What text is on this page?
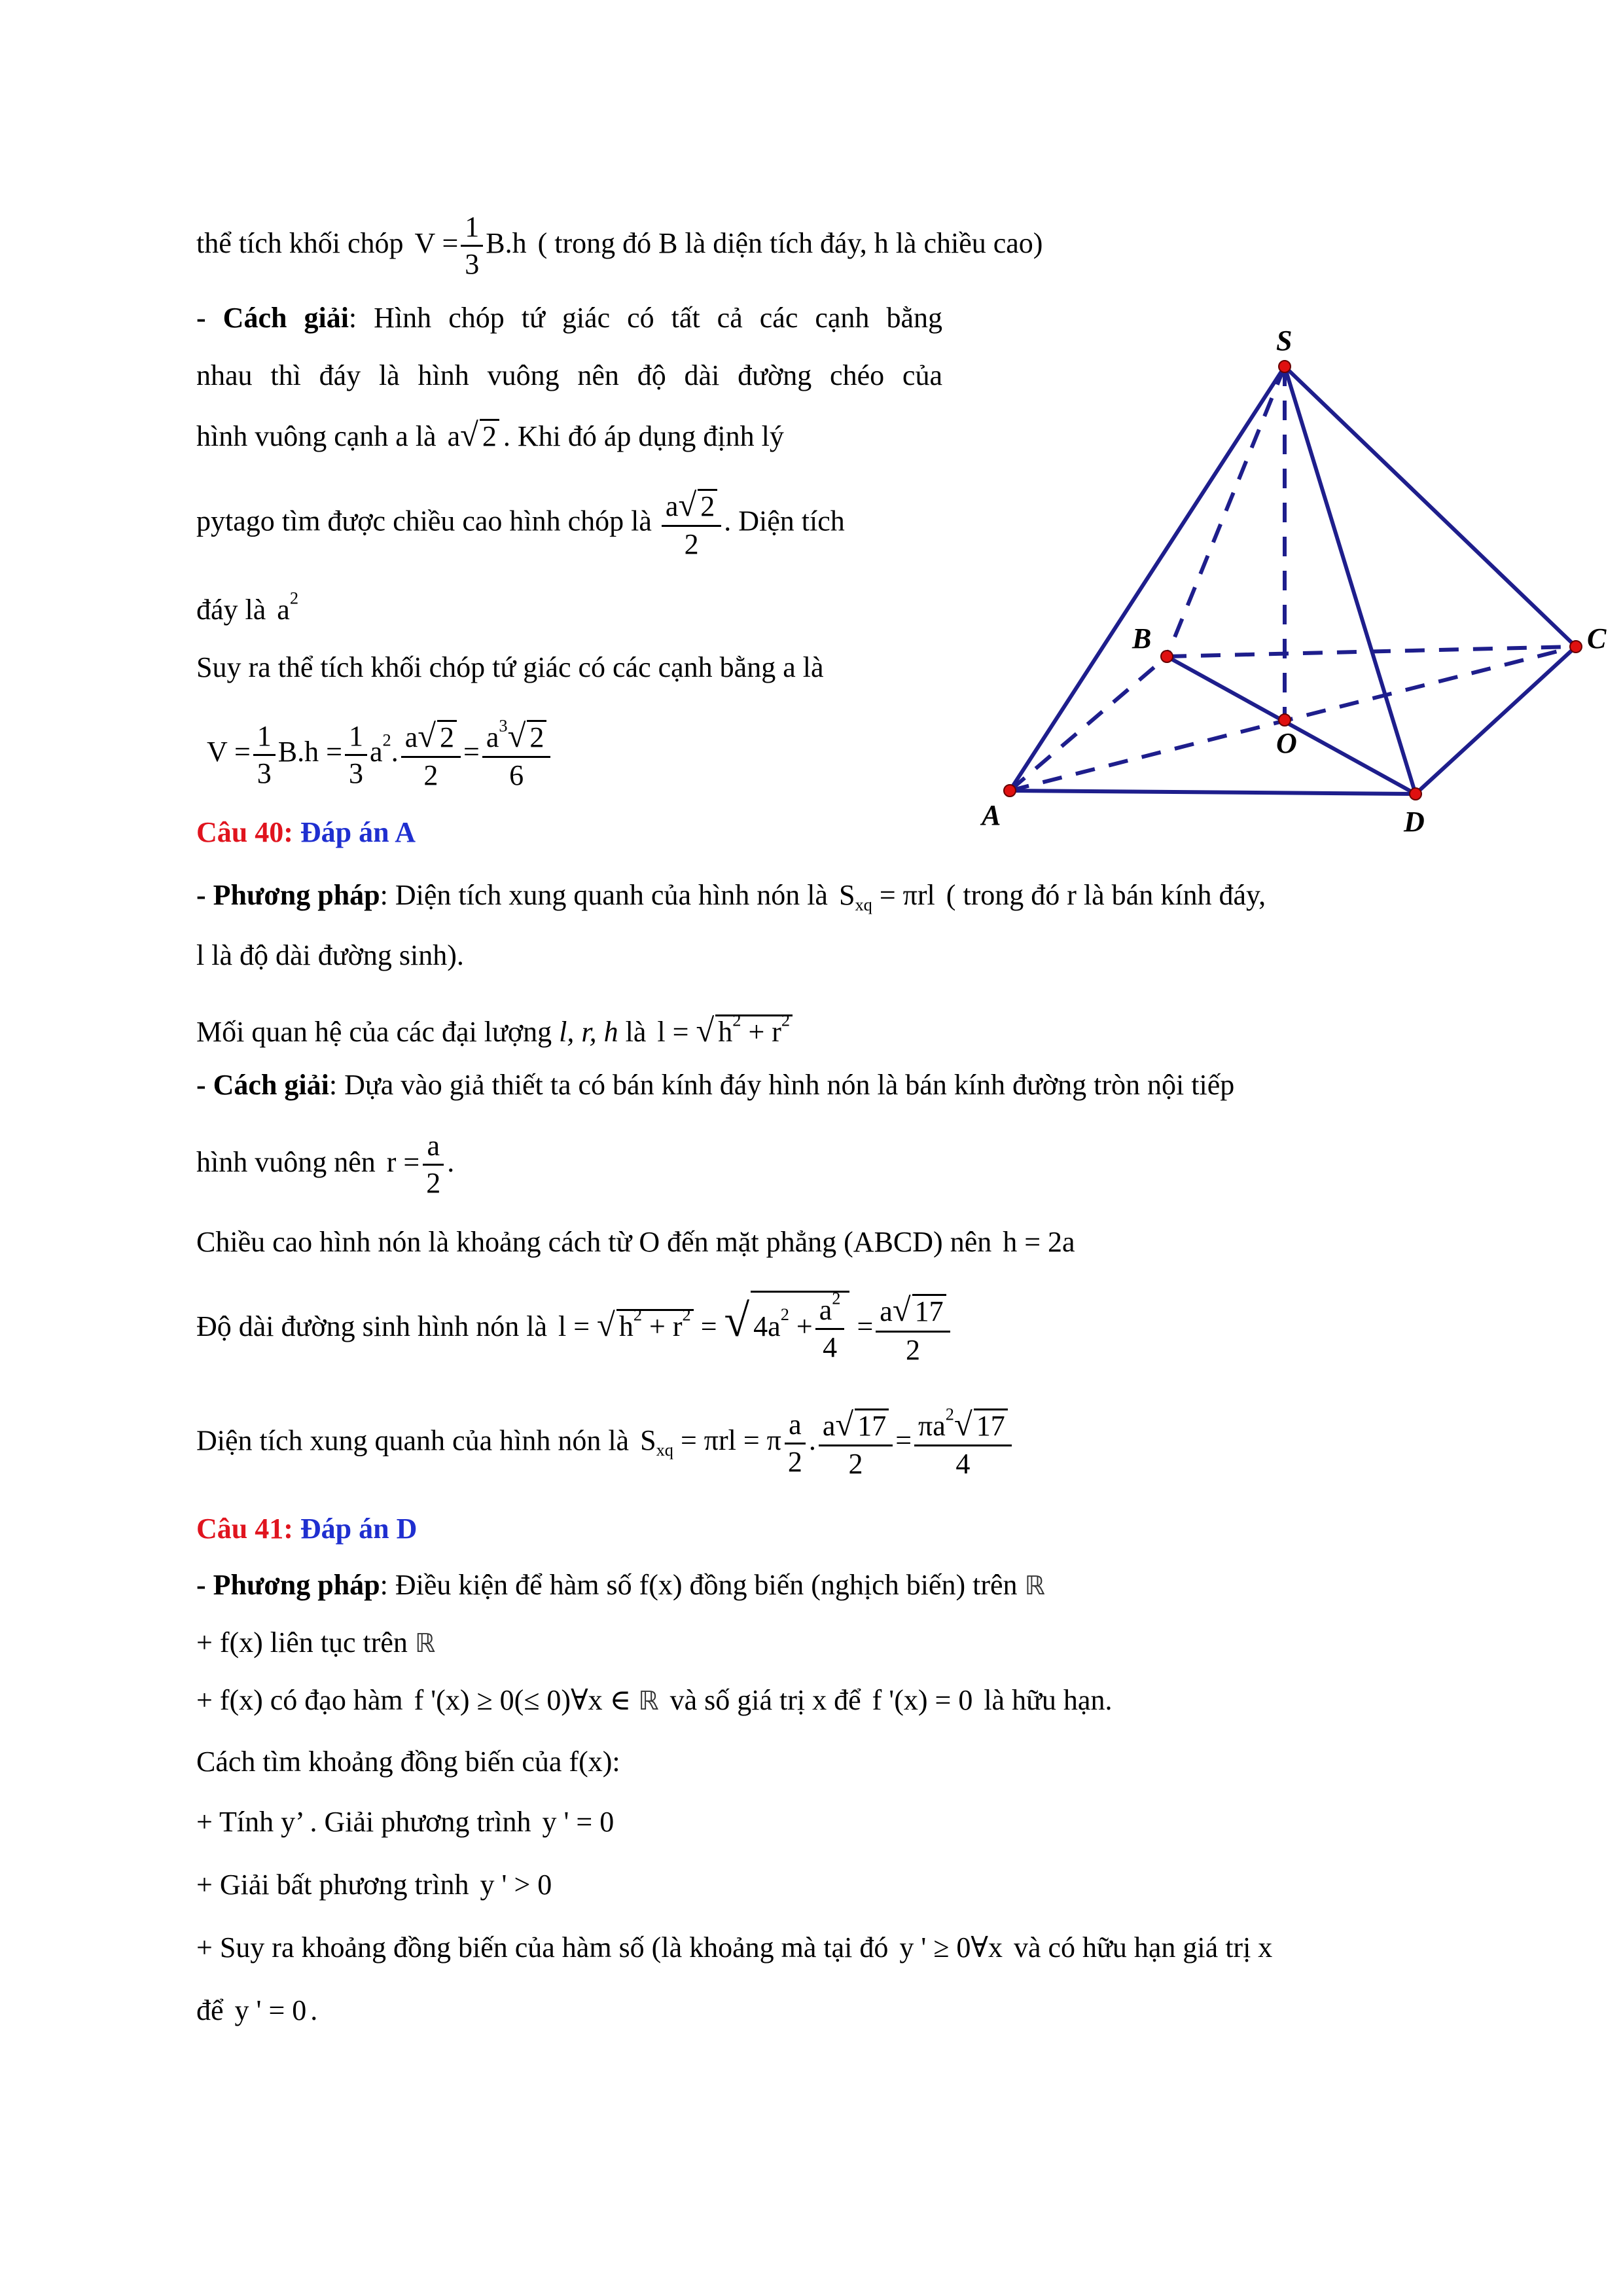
thể tích khối chóp $V = \frac{1}{3} B.h$ ( trong đó B là diện tích đáy, h là chiều cao)
- Cách giải: Hình chóp tứ giác có tất cả các cạnh bằng
nhau thì đáy là hình vuông nên độ dài đường chéo của
hình vuông cạnh a là a√ 2 . Khi đó áp dụng định lý
pytago tìm được chiều cao hình chóp là $\frac{a√ 2}{2}$ . Diện tích
đáy là $a^2$
Suy ra thể tích khối chóp tứ giác có các cạnh bằng a là
$V = \frac{1}{3} B.h = \frac{1}{3} a^2$. $\frac{a√ 2}{2} = \frac{a^3√ 2}{6}$
S
A
B	C
D
O
Câu 40: Đáp án A
- Phương pháp: Diện tích xung quanh của hình nón là $S_{xq} = \pi rl$ ( trong đó r là bán kính đáy,
l là độ dài đường sinh).
Mối quan hệ của các đại lượng l, r, h là l = √ $h^2 + r^2$
- Cách giải: Dựa vào giả thiết ta có bán kính đáy hình nón là bán kính đường tròn nội tiếp
hình vuông nên $r = \frac{a}{2}$ .
Chiều cao hình nón là khoảng cách từ O đến mặt phẳng (ABCD) nên h = 2a
Độ dài đường sinh hình nón là l = √ $h^2 + r^2$ = √ $4a^2 + \frac{a^2}{4} = \frac{a√ 17}{2}$
Diện tích xung quanh của hình nón là $S_{xq} = \pi rl = \pi \frac{a}{2}$ . $\frac{a√ 17}{2} = \frac{\pi a^2√ 17}{4}$
Câu 41: Đáp án D
- Phương pháp: Điều kiện để hàm số f(x) đồng biến (nghịch biến) trên ℝ
+ f(x) liên tục trên ℝ
+ f(x) có đạo hàm f '(x) ≥ 0(≤ 0)∀x ∈ ℝ và số giá trị x để f '(x) = 0 là hữu hạn.
Cách tìm khoảng đồng biến của f(x):
+ Tính y’ . Giải phương trình y ' = 0
+ Giải bất phương trình y ' > 0
+ Suy ra khoảng đồng biến của hàm số (là khoảng mà tại đó y ' ≥ 0∀x và có hữu hạn giá trị x
để y ' = 0 .
